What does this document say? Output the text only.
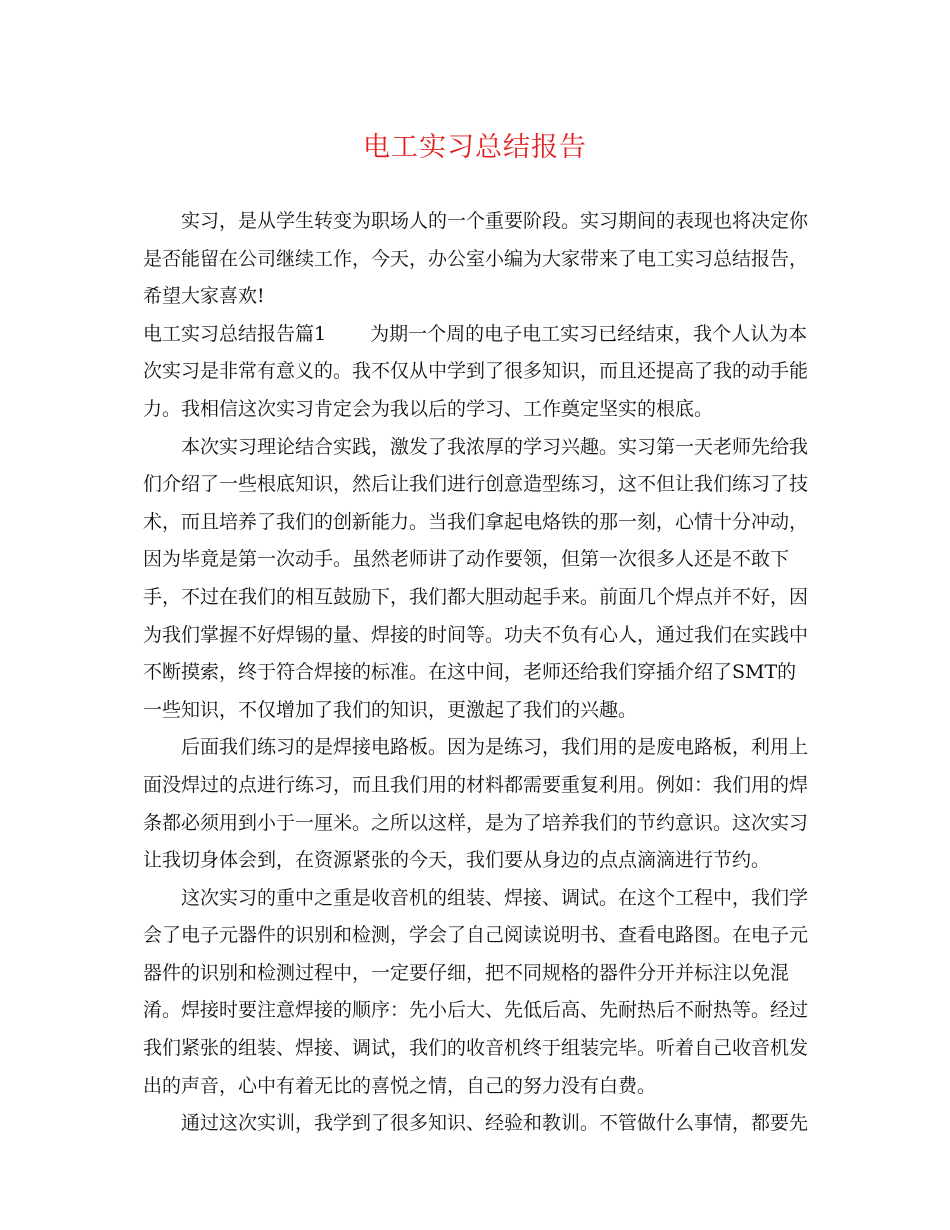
电工实习总结报告

实习，是从学生转变为职场人的一个重要阶段。实习期间的表现也将决定你是否能留在公司继续工作，今天，办公室小编为大家带来了电工实习总结报告，希望大家喜欢!

电工实习总结报告篇1 为期一个周的电子电工实习已经结束，我个人认为本次实习是非常有意义的。我不仅从中学到了很多知识，而且还提高了我的动手能力。我相信这次实习肯定会为我以后的学习、工作奠定坚实的根底。

本次实习理论结合实践，激发了我浓厚的学习兴趣。实习第一天老师先给我们介绍了一些根底知识，然后让我们进行创意造型练习，这不但让我们练习了技术，而且培养了我们的创新能力。当我们拿起电烙铁的那一刻，心情十分冲动，因为毕竟是第一次动手。虽然老师讲了动作要领，但第一次很多人还是不敢下手，不过在我们的相互鼓励下，我们都大胆动起手来。前面几个焊点并不好，因为我们掌握不好焊锡的量、焊接的时间等。功夫不负有心人，通过我们在实践中不断摸索，终于符合焊接的标准。在这中间，老师还给我们穿插介绍了SMT的一些知识，不仅增加了我们的知识，更激起了我们的兴趣。

后面我们练习的是焊接电路板。因为是练习，我们用的是废电路板，利用上面没焊过的点进行练习，而且我们用的材料都需要重复利用。例如：我们用的焊条都必须用到小于一厘米。之所以这样，是为了培养我们的节约意识。这次实习让我切身体会到，在资源紧张的今天，我们要从身边的点点滴滴进行节约。

这次实习的重中之重是收音机的组装、焊接、调试。在这个工程中，我们学会了电子元器件的识别和检测，学会了自己阅读说明书、查看电路图。在电子元器件的识别和检测过程中，一定要仔细，把不同规格的器件分开并标注以免混淆。焊接时要注意焊接的顺序：先小后大、先低后高、先耐热后不耐热等。经过我们紧张的组装、焊接、调试，我们的收音机终于组装完毕。听着自己收音机发出的声音，心中有着无比的喜悦之情，自己的努力没有白费。

通过这次实训，我学到了很多知识、经验和教训。不管做什么事情，都要先
